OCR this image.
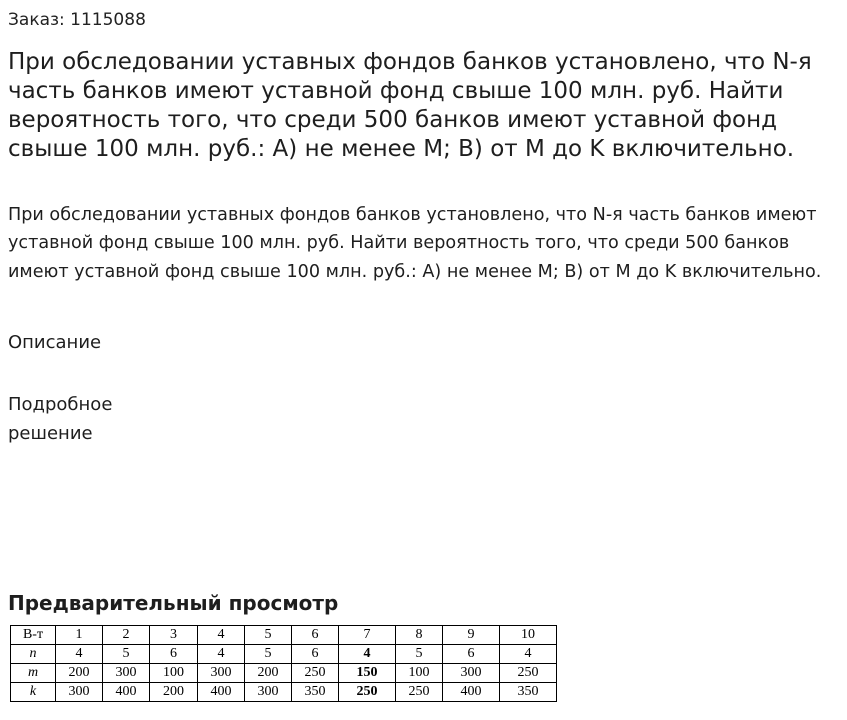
Заказ: 1115088
При обследовании уставных фондов банков установлено, что N-я часть банков имеют уставной фонд свыше 100 млн. руб. Найти вероятность того, что среди 500 банков имеют уставной фонд свыше 100 млн. руб.: А) не менее M; В) от M до K включительно.

При обследовании уставных фондов банков установлено, что N-я часть банков имеют уставной фонд свыше 100 млн. руб. Найти вероятность того, что среди 500 банков имеют уставной фонд свыше 100 млн. руб.: А) не менее M; В) от M до K включительно.

Описание
Подробное решение
Предварительный просмотр
В-т	1	2	3	4	5	6	7	8	9	10
n	4	5	6	4	5	6	4	5	6	4
m	200	300	100	300	200	250	150	100	300	250
k	300	400	200	400	300	350	250	250	400	350
